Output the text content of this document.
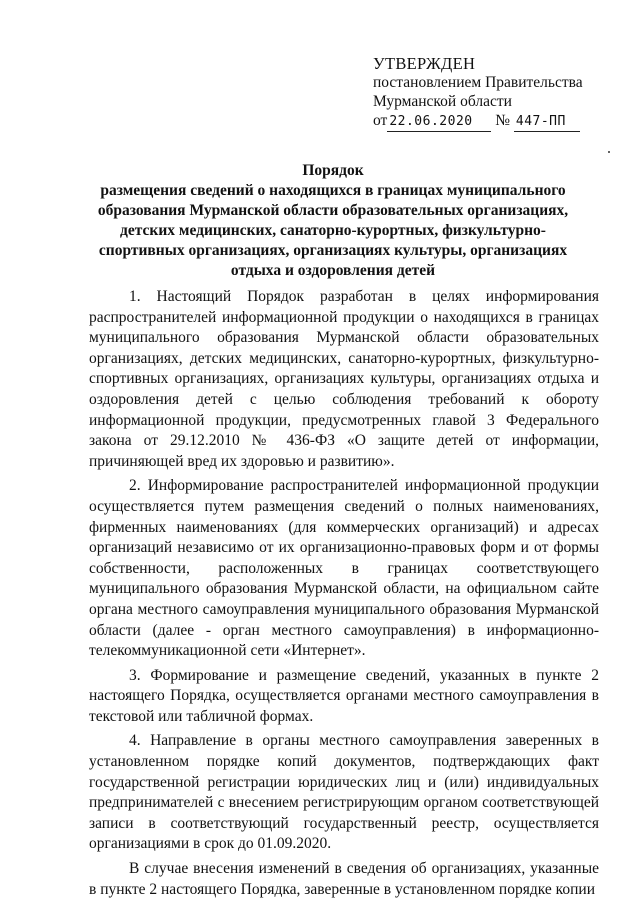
УТВЕРЖДЕН
постановлением Правительства
Мурманской области
от 22.06.2020 № 447-ПП
Порядок
размещения сведений о находящихся в границах муниципального образования Мурманской области образовательных организациях, детских медицинских, санаторно-курортных, физкультурно-спортивных организациях, организациях культуры, организациях отдыха и оздоровления детей

1. Настоящий Порядок разработан в целях информирования распространителей информационной продукции о находящихся в границах муниципального образования Мурманской области образовательных организациях, детских медицинских, санаторно-курортных, физкультурно-спортивных организациях, организациях культуры, организациях отдыха и оздоровления детей с целью соблюдения требований к обороту информационной продукции, предусмотренных главой 3 Федерального закона от 29.12.2010 № 436-ФЗ «О защите детей от информации, причиняющей вред их здоровью и развитию».

2. Информирование распространителей информационной продукции осуществляется путем размещения сведений о полных наименованиях, фирменных наименованиях (для коммерческих организаций) и адресах организаций независимо от их организационно-правовых форм и от формы собственности, расположенных в границах соответствующего муниципального образования Мурманской области, на официальном сайте органа местного самоуправления муниципального образования Мурманской области (далее - орган местного самоуправления) в информационно-телекоммуникационной сети «Интернет».

3. Формирование и размещение сведений, указанных в пункте 2 настоящего Порядка, осуществляется органами местного самоуправления в текстовой или табличной формах.

4. Направление в органы местного самоуправления заверенных в установленном порядке копий документов, подтверждающих факт государственной регистрации юридических лиц и (или) индивидуальных предпринимателей с внесением регистрирующим органом соответствующей записи в соответствующий государственный реестр, осуществляется организациями в срок до 01.09.2020.

В случае внесения изменений в сведения об организациях, указанные в пункте 2 настоящего Порядка, заверенные в установленном порядке копии
